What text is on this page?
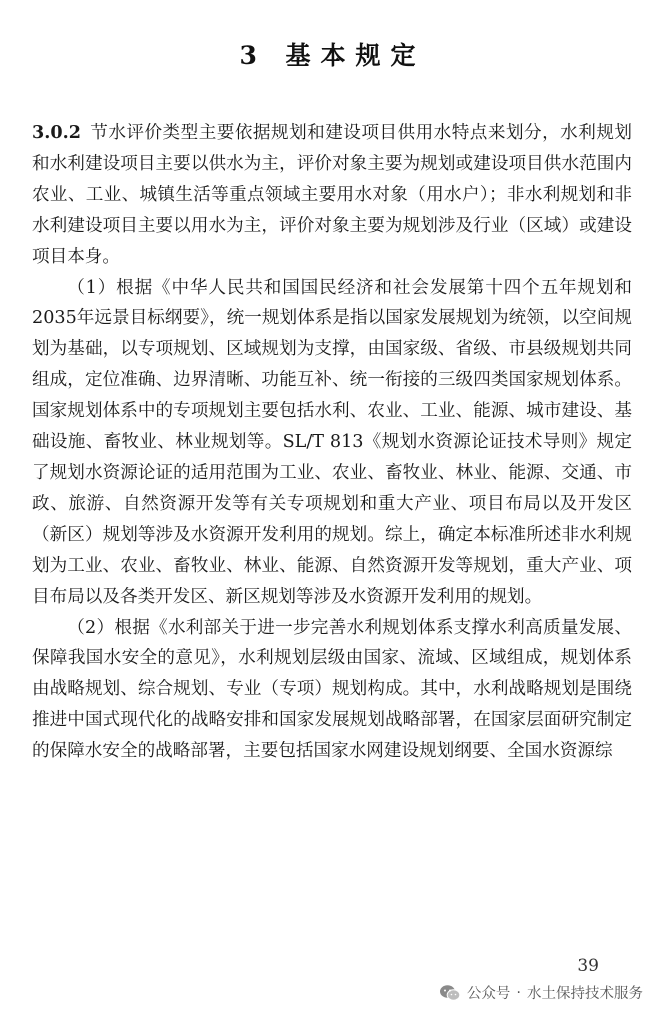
3 基本规定

3.0.2 节水评价类型主要依据规划和建设项目供用水特点来划分，水利规划和水利建设项目主要以供水为主，评价对象主要为规划或建设项目供水范围内农业、工业、城镇生活等重点领域主要用水对象（用水户）；非水利规划和非水利建设项目主要以用水为主，评价对象主要为规划涉及行业（区域）或建设项目本身。

（1）根据《中华人民共和国国民经济和社会发展第十四个五年规划和2035年远景目标纲要》，统一规划体系是指以国家发展规划为统领，以空间规划为基础，以专项规划、区域规划为支撑，由国家级、省级、市县级规划共同组成，定位准确、边界清晰、功能互补、统一衔接的三级四类国家规划体系。国家规划体系中的专项规划主要包括水利、农业、工业、能源、城市建设、基础设施、畜牧业、林业规划等。SL/T 813《规划水资源论证技术导则》规定了规划水资源论证的适用范围为工业、农业、畜牧业、林业、能源、交通、市政、旅游、自然资源开发等有关专项规划和重大产业、项目布局以及开发区（新区）规划等涉及水资源开发利用的规划。综上，确定本标准所述非水利规划为工业、农业、畜牧业、林业、能源、自然资源开发等规划，重大产业、项目布局以及各类开发区、新区规划等涉及水资源开发利用的规划。

（2）根据《水利部关于进一步完善水利规划体系支撑水利高质量发展、保障我国水安全的意见》，水利规划层级由国家、流域、区域组成，规划体系由战略规划、综合规划、专业（专项）规划构成。其中，水利战略规划是围绕推进中国式现代化的战略安排和国家发展规划战略部署，在国家层面研究制定的保障水安全的战略部署，主要包括国家水网建设规划纲要、全国水资源综

39
公众号 · 水土保持技术服务
